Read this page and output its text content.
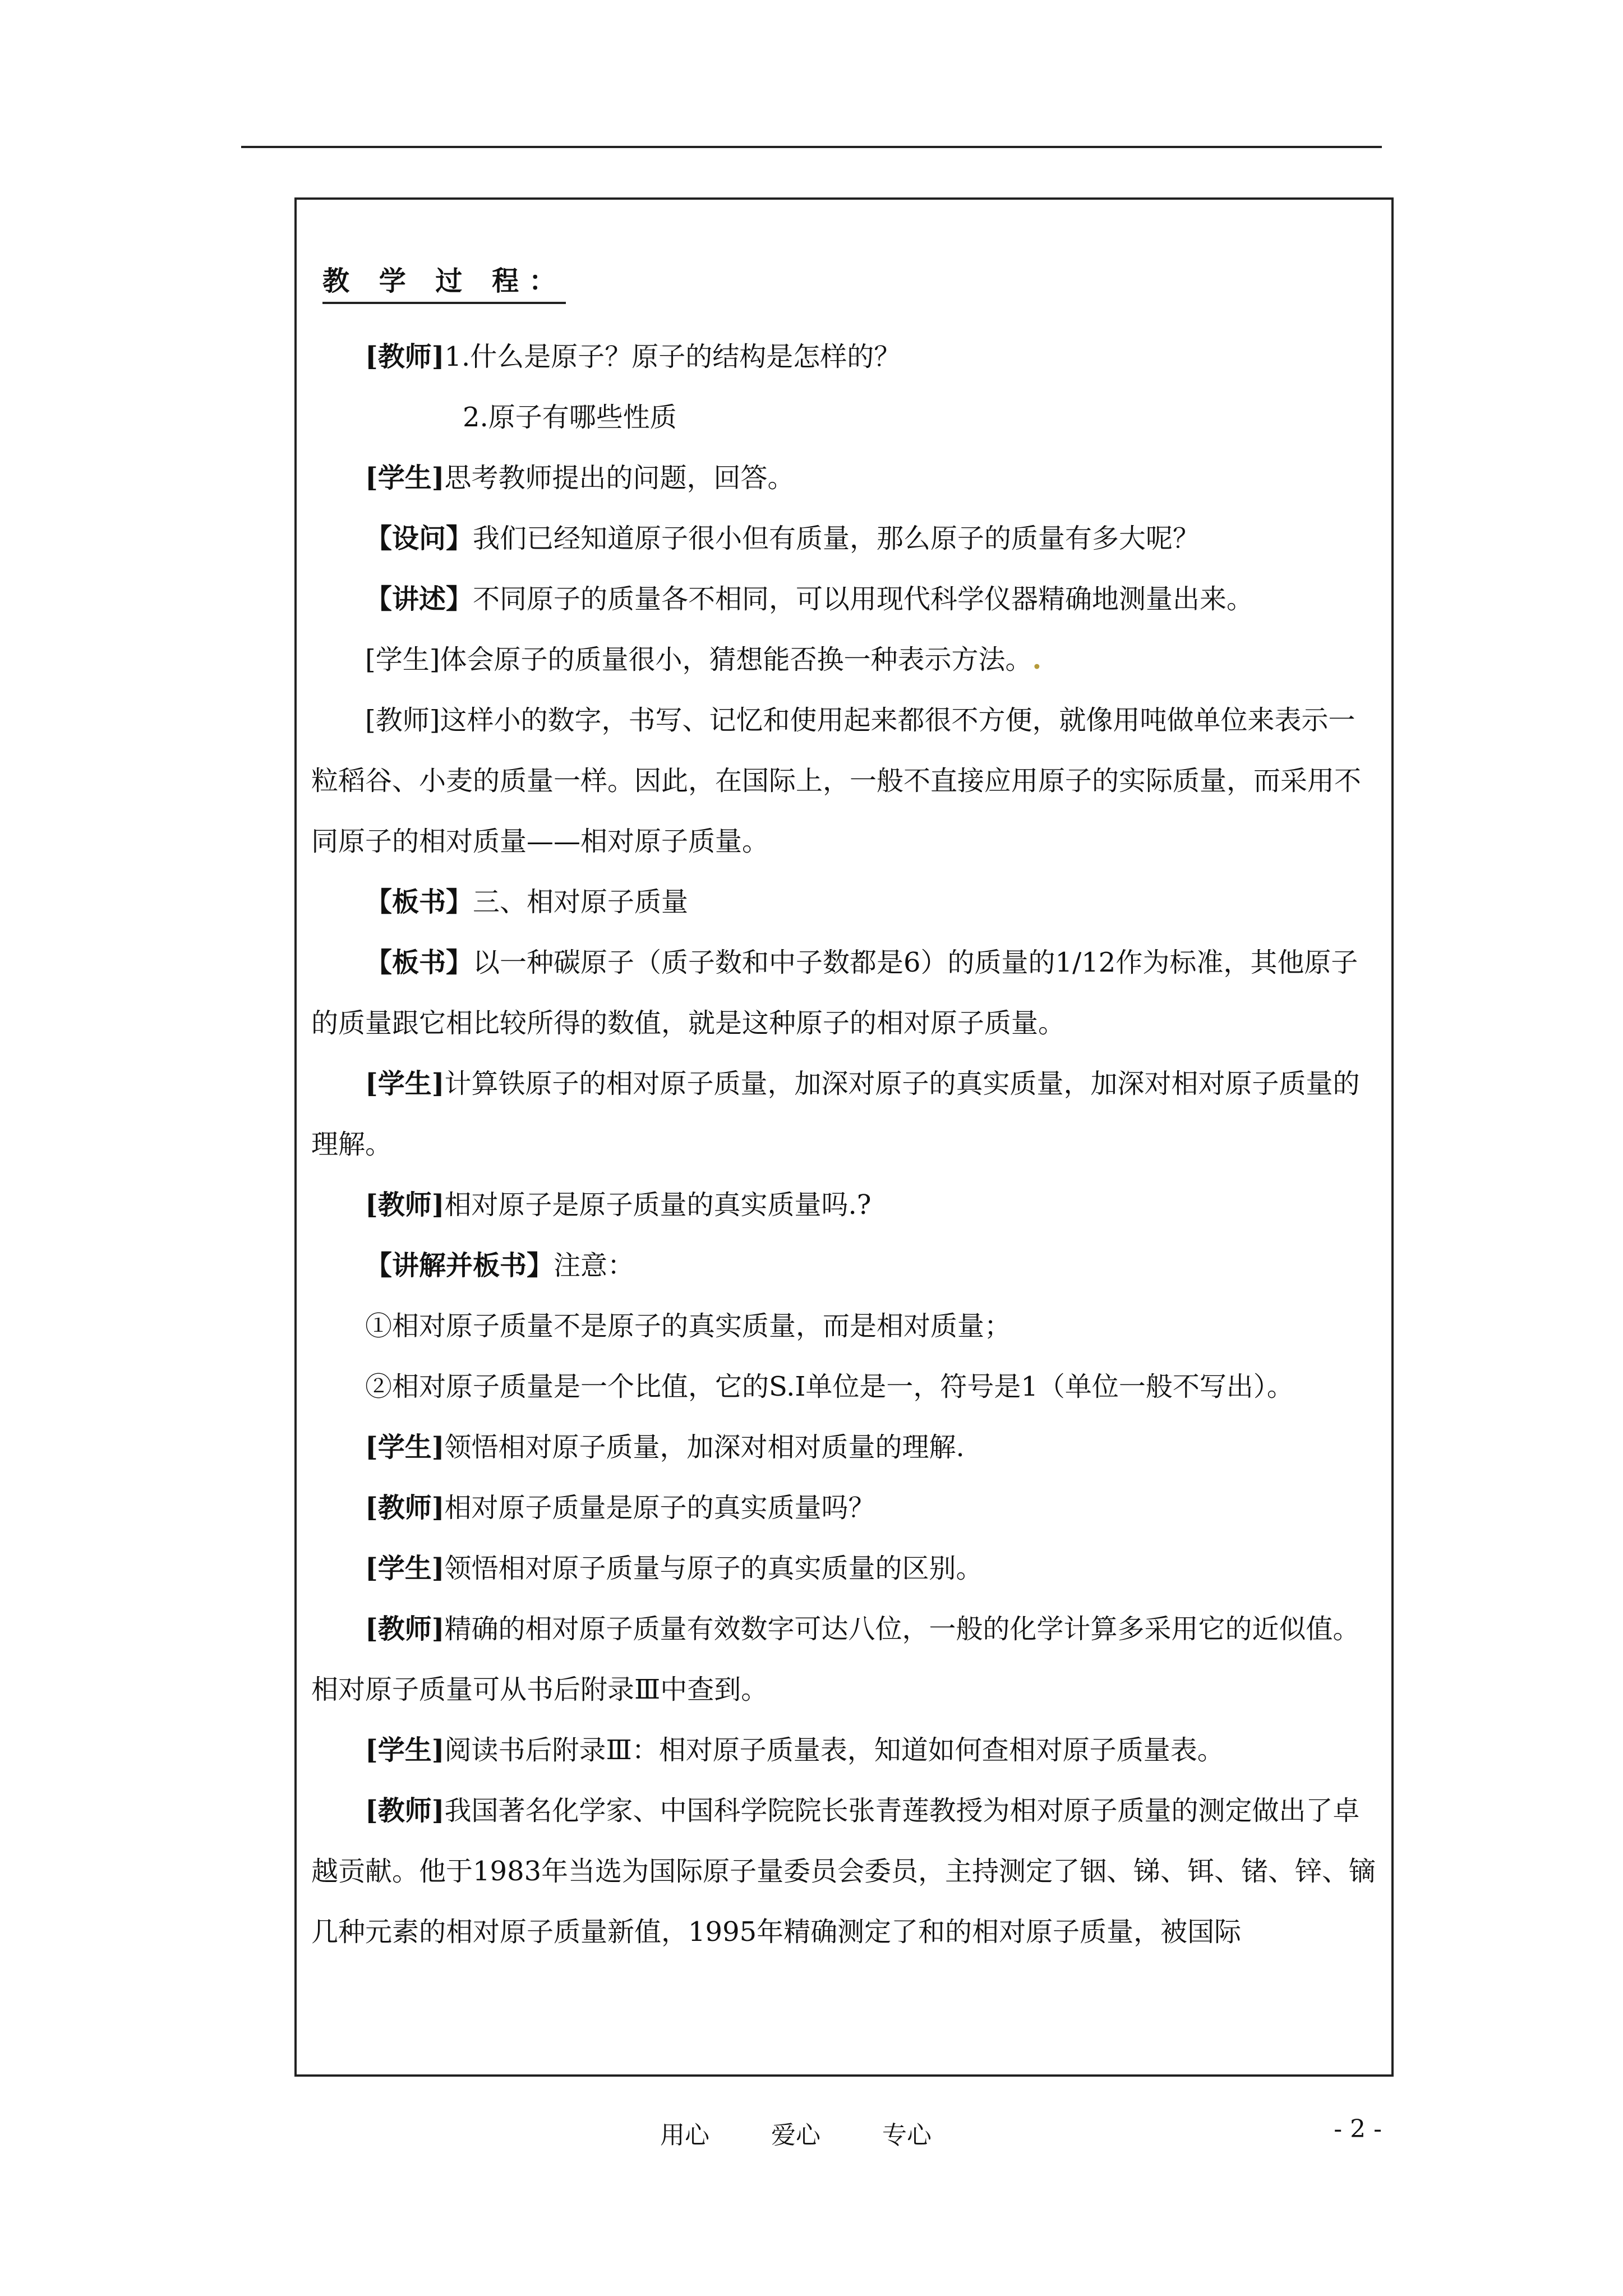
教 学 过 程：
[教师]1.什么是原子？原子的结构是怎样的？
2.原子有哪些性质
[学生]思考教师提出的问题，回答。
【设问】我们已经知道原子很小但有质量，那么原子的质量有多大呢？
【讲述】不同原子的质量各不相同，可以用现代科学仪器精确地测量出来。
[学生]体会原子的质量很小，猜想能否换一种表示方法。.
[教师]这样小的数字，书写、记忆和使用起来都很不方便，就像用吨做单位来表示一粒稻谷、小麦的质量一样。因此，在国际上，一般不直接应用原子的实际质量，而采用不同原子的相对质量——相对原子质量。
【板书】三、相对原子质量
【板书】以一种碳原子（质子数和中子数都是6）的质量的1/12作为标准，其他原子的质量跟它相比较所得的数值，就是这种原子的相对原子质量。
[学生]计算铁原子的相对原子质量，加深对原子的真实质量，加深对相对原子质量的理解。
[教师]相对原子是原子质量的真实质量吗.?
【讲解并板书】注意：
①相对原子质量不是原子的真实质量，而是相对质量；
②相对原子质量是一个比值，它的S.I单位是一，符号是1（单位一般不写出）。
[学生]领悟相对原子质量，加深对相对质量的理解.
[教师]相对原子质量是原子的真实质量吗？
[学生]领悟相对原子质量与原子的真实质量的区别。
[教师]精确的相对原子质量有效数字可达八位，一般的化学计算多采用它的近似值。相对原子质量可从书后附录Ⅲ中查到。
[学生]阅读书后附录Ⅲ：相对原子质量表，知道如何查相对原子质量表。
[教师]我国著名化学家、中国科学院院长张青莲教授为相对原子质量的测定做出了卓越贡献。他于1983年当选为国际原子量委员会委员，主持测定了铟、锑、铒、锗、锌、镝几种元素的相对原子质量新值，1995年精确测定了和的相对原子质量，被国际
用心	爱心	专心	- 2 -
